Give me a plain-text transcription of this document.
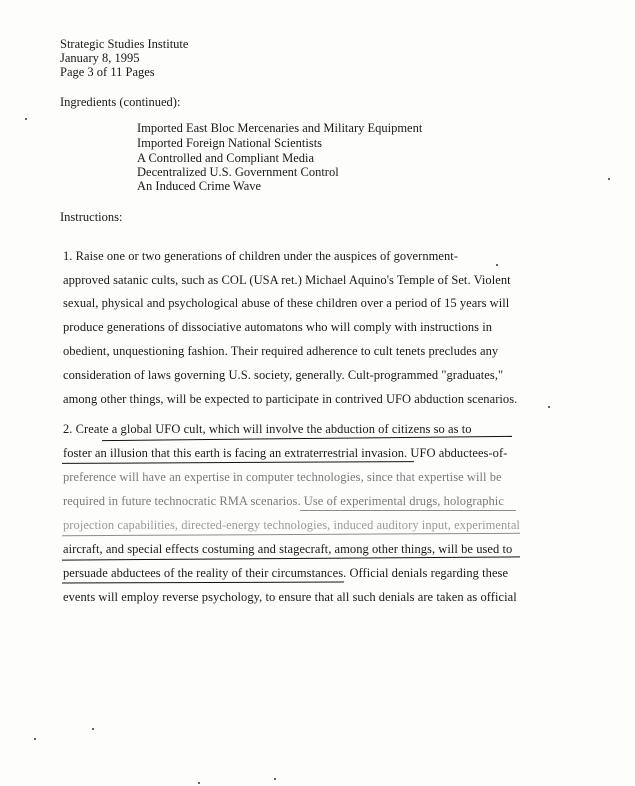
Strategic Studies Institute

January 8, 1995

Page 3 of 11 Pages

Ingredients (continued):

Imported East Bloc Mercenaries and Military Equipment

Imported Foreign National Scientists

A Controlled and Compliant Media

Decentralized U.S. Government Control

An Induced Crime Wave

Instructions:

1. Raise one or two generations of children under the auspices of government-

approved satanic cults, such as COL (USA ret.) Michael Aquino's Temple of Set. Violent

sexual, physical and psychological abuse of these children over a period of 15 years will

produce generations of dissociative automatons who will comply with instructions in

obedient, unquestioning fashion. Their required adherence to cult tenets precludes any

consideration of laws governing U.S. society, generally. Cult-programmed "graduates,"

among other things, will be expected to participate in contrived UFO abduction scenarios.

2. Create a global UFO cult, which will involve the abduction of citizens so as to

foster an illusion that this earth is facing an extraterrestrial invasion. UFO abductees-of-

preference will have an expertise in computer technologies, since that expertise will be

required in future technocratic RMA scenarios. Use of experimental drugs, holographic

projection capabilities, directed-energy technologies, induced auditory input, experimental

aircraft, and special effects costuming and stagecraft, among other things, will be used to

persuade abductees of the reality of their circumstances. Official denials regarding these

events will employ reverse psychology, to ensure that all such denials are taken as official
